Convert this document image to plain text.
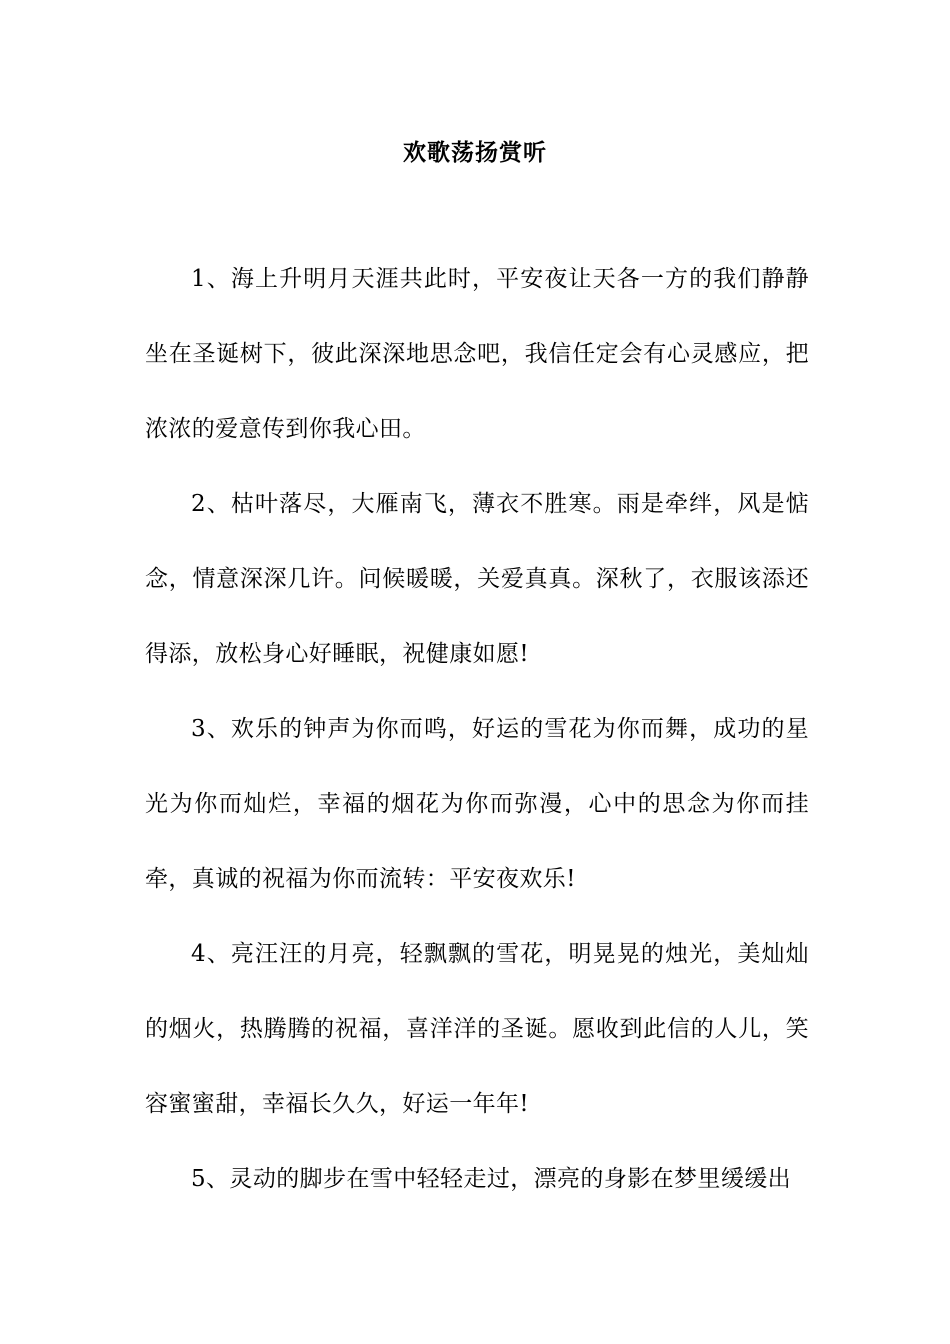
欢歌荡扬赏听

1、海上升明月天涯共此时，平安夜让天各一方的我们静静坐在圣诞树下，彼此深深地思念吧，我信任定会有心灵感应，把浓浓的爱意传到你我心田。

2、枯叶落尽，大雁南飞，薄衣不胜寒。雨是牵绊，风是惦念，情意深深几许。问候暖暖，关爱真真。深秋了，衣服该添还得添，放松身心好睡眠，祝健康如愿!

3、欢乐的钟声为你而鸣，好运的雪花为你而舞，成功的星光为你而灿烂，幸福的烟花为你而弥漫，心中的思念为你而挂牵，真诚的祝福为你而流转：平安夜欢乐!

4、亮汪汪的月亮，轻飘飘的雪花，明晃晃的烛光，美灿灿的烟火，热腾腾的祝福，喜洋洋的圣诞。愿收到此信的人儿，笑容蜜蜜甜，幸福长久久，好运一年年!

5、灵动的脚步在雪中轻轻走过，漂亮的身影在梦里缓缓出
